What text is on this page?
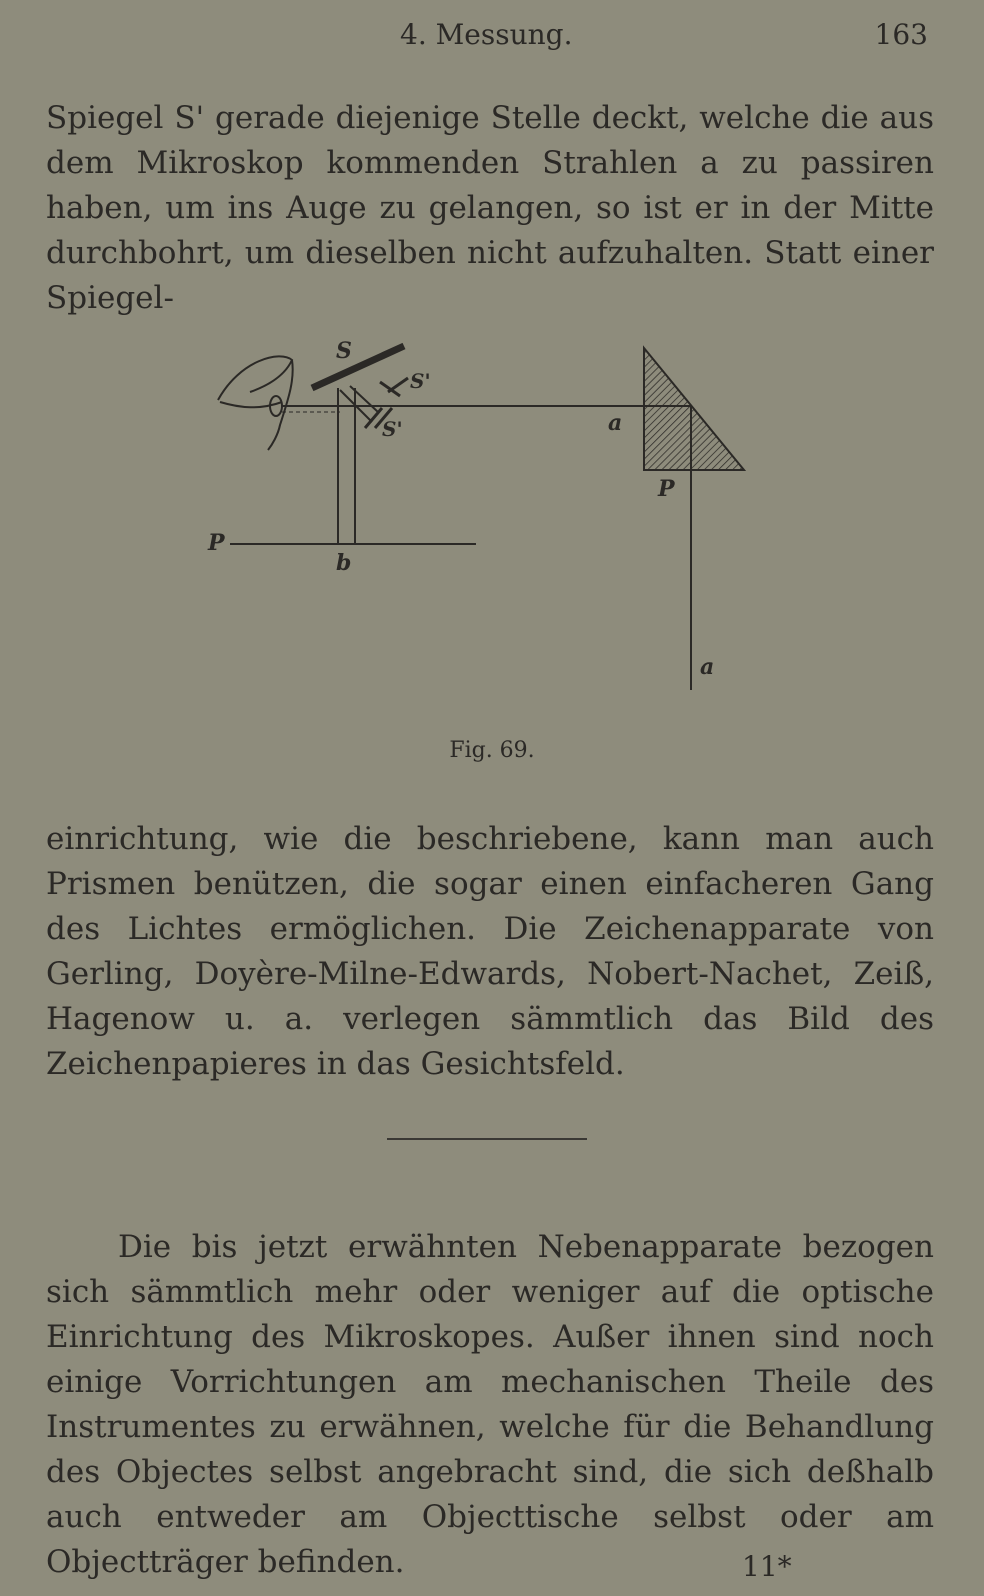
4. Messung.	163

Spiegel S' gerade diejenige Stelle deckt, welche die aus dem Mikroskop kommenden Strahlen a zu passiren haben, um ins Auge zu gelangen, so ist er in der Mitte durchbohrt, um dieselben nicht aufzuhalten. Statt einer Spiegel-

S
S'
S'	a
P
P
b
a
Fig. 69.

einrichtung, wie die beschriebene, kann man auch Prismen benützen, die sogar einen einfacheren Gang des Lichtes ermöglichen. Die Zeichenapparate von Gerling, Doyère-Milne-Edwards, Nobert-Nachet, Zeiß, Hagenow u. a. verlegen sämmtlich das Bild des Zeichenpapieres in das Gesichtsfeld.

Die bis jetzt erwähnten Nebenapparate bezogen sich sämmtlich mehr oder weniger auf die optische Einrichtung des Mikroskopes. Außer ihnen sind noch einige Vorrichtungen am mechanischen Theile des Instrumentes zu erwähnen, welche für die Behandlung des Objectes selbst angebracht sind, die sich deßhalb auch entweder am Objecttische selbst oder am Objectträger befinden.	11*
